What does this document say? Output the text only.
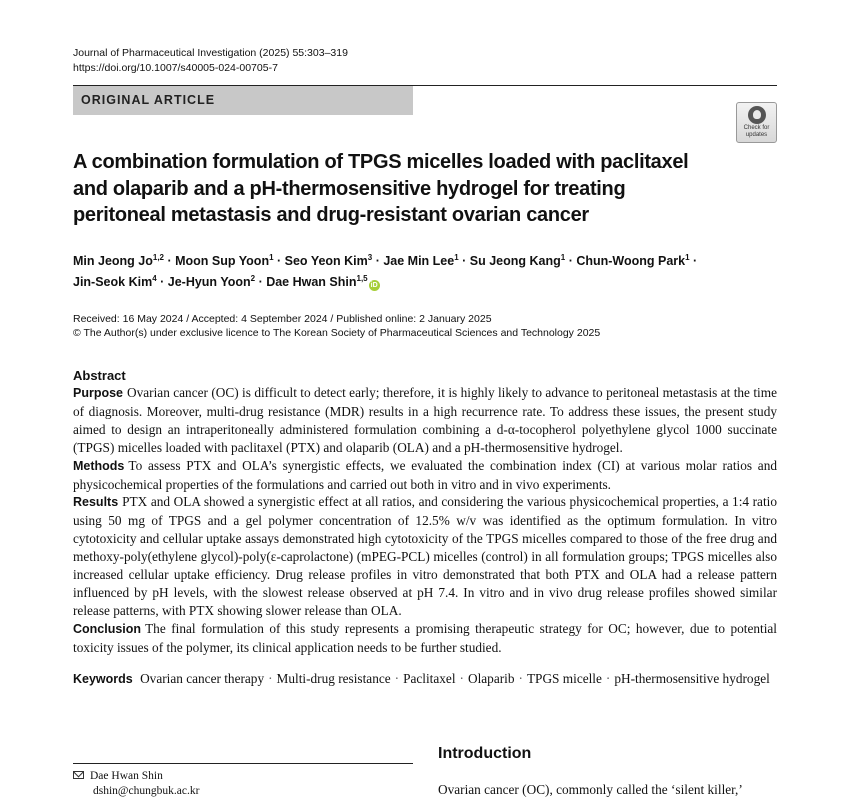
Journal of Pharmaceutical Investigation (2025) 55:303–319
https://doi.org/10.1007/s40005-024-00705-7
ORIGINAL ARTICLE
Check for
updates
A combination formulation of TPGS micelles loaded with paclitaxel and olaparib and a pH-thermosensitive hydrogel for treating peritoneal metastasis and drug-resistant ovarian cancer
Min Jeong Jo$^{1,2}$ · Moon Sup Yoon$^1$ · Seo Yeon Kim$^3$ · Jae Min Lee$^1$ · Su Jeong Kang$^1$ · Chun-Woong Park$^1$ ·
Jin-Seok Kim$^4$ · Je-Hyun Yoon$^2$ · Dae Hwan Shin$^{1,5}$iD
Received: 16 May 2024 / Accepted: 4 September 2024 / Published online: 2 January 2025
© The Author(s) under exclusive licence to The Korean Society of Pharmaceutical Sciences and Technology 2025
Abstract

Purpose Ovarian cancer (OC) is difficult to detect early; therefore, it is highly likely to advance to peritoneal metastasis at the time of diagnosis. Moreover, multi-drug resistance (MDR) results in a high recurrence rate. To address these issues, the present study aimed to design an intraperitoneally administered formulation combining a d-α-tocopherol polyethylene glycol 1000 succinate (TPGS) micelles loaded with paclitaxel (PTX) and olaparib (OLA) and a pH-thermosensitive hydrogel.

Methods To assess PTX and OLA’s synergistic effects, we evaluated the combination index (CI) at various molar ratios and physicochemical properties of the formulations and carried out both in vitro and in vivo experiments.

Results PTX and OLA showed a synergistic effect at all ratios, and considering the various physicochemical properties, a 1:4 ratio using 50 mg of TPGS and a gel polymer concentration of 12.5% w/v was identified as the optimum formulation. In vitro cytotoxicity and cellular uptake assays demonstrated high cytotoxicity of the TPGS micelles compared to those of the free drug and methoxy-poly(ethylene glycol)-poly(ε-caprolactone) (mPEG-PCL) micelles (control) in all formulation groups; TPGS micelles also increased cellular uptake efficiency. Drug release profiles in vitro demonstrated that both PTX and OLA had a release pattern influenced by pH levels, with the slowest release observed at pH 7.4. In vitro and in vivo drug release profiles showed similar release patterns, with PTX showing slower release than OLA.

Conclusion The final formulation of this study represents a promising therapeutic strategy for OC; however, due to potential toxicity issues of the polymer, its clinical application needs to be further studied.

Keywords Ovarian cancer therapy · Multi-drug resistance · Paclitaxel · Olaparib · TPGS micelle · pH-thermosensitive hydrogel
Dae Hwan Shin
dshin@chungbuk.ac.kr
Introduction
Ovarian cancer (OC), commonly called the ‘silent killer,’
